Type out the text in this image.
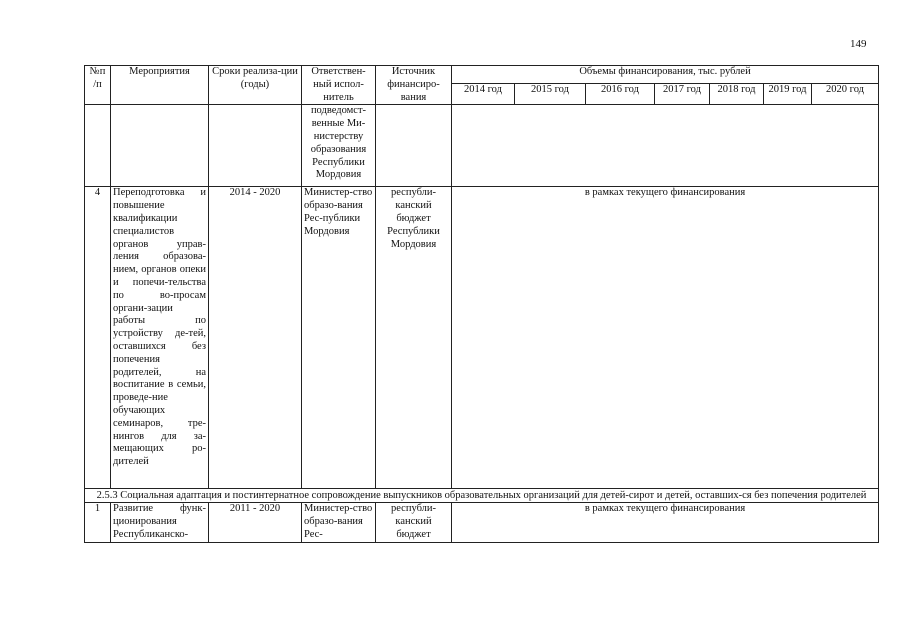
149
№п /п	Мероприятия	Сроки реализа-ции (годы)	Ответствен-ный испол-нитель	Источник финансиро-вания	Объемы финансирования, тыс. рублей						
					2014 год	2015 год	2016 год	2017 год	2018 год	2019 год	2020 год
			подведомст-венные Ми-нистерству образования Республики Мордовия								
4	Переподготовка и повышение квалификации специалистов органов управ-ления образова-нием, органов опеки и попечи-тельства по во-просам органи-зации работы по устройству де-тей, оставшихся без попечения родителей, на воспитание в семьи, проведе-ние обучающих семинаров, тре-нингов для за-мещающих ро-дителей	2014 - 2020	Министер-ство образо-вания Рес-публики Мордовия	республи-канский бюджет Республики Мордовия	в рамках текущего финансирования						
2.5.3 Социальная адаптация и постинтернатное сопровождение выпускников образовательных организаций для детей-сирот и детей, оставших-ся без попечения родителей											
1	Развитие функ-ционирования Республиканско-	2011 - 2020	Министер-ство образо-вания Рес-	республи-канский бюджет	в рамках текущего финансирования						
